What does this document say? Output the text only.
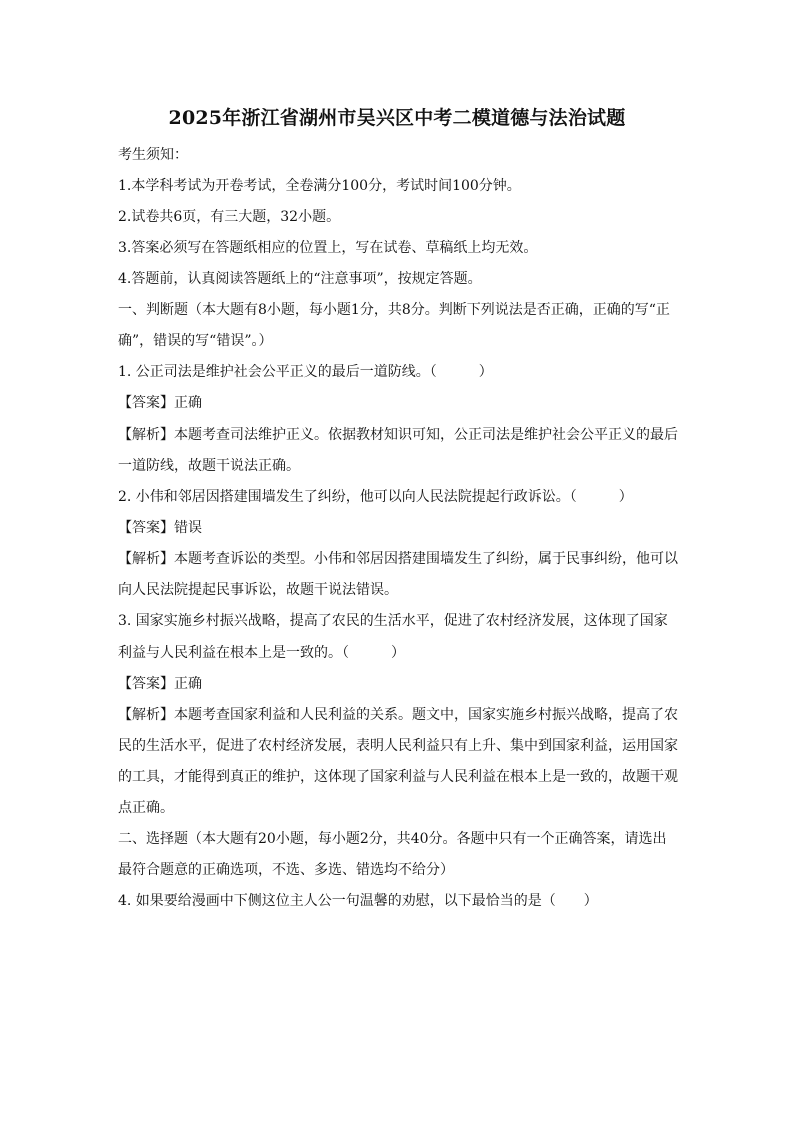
2025年浙江省湖州市吴兴区中考二模道德与法治试题
考生须知：
1.本学科考试为开卷考试，全卷满分100分，考试时间100分钟。
2.试卷共6页，有三大题，32小题。
3.答案必须写在答题纸相应的位置上，写在试卷、草稿纸上均无效。
4.答题前，认真阅读答题纸上的“注意事项”，按规定答题。
一、判断题（本大题有8小题，每小题1分，共8分。判断下列说法是否正确，正确的写“正
确”，错误的写“错误”。）
1. 公正司法是维护社会公平正义的最后一道防线。（　　　）
【答案】正确
【解析】本题考查司法维护正义。依据教材知识可知，公正司法是维护社会公平正义的最后
一道防线，故题干说法正确。
2. 小伟和邻居因搭建围墙发生了纠纷，他可以向人民法院提起行政诉讼。（　　　）
【答案】错误
【解析】本题考查诉讼的类型。小伟和邻居因搭建围墙发生了纠纷，属于民事纠纷，他可以
向人民法院提起民事诉讼，故题干说法错误。
3. 国家实施乡村振兴战略，提高了农民的生活水平，促进了农村经济发展，这体现了国家
利益与人民利益在根本上是一致的。（　　　）
【答案】正确
【解析】本题考查国家利益和人民利益的关系。题文中，国家实施乡村振兴战略，提高了农
民的生活水平，促进了农村经济发展，表明人民利益只有上升、集中到国家利益，运用国家
的工具，才能得到真正的维护，这体现了国家利益与人民利益在根本上是一致的，故题干观
点正确。
二、选择题（本大题有20小题，每小题2分，共40分。各题中只有一个正确答案，请选出
最符合题意的正确选项，不选、多选、错选均不给分）
4. 如果要给漫画中下侧这位主人公一句温馨的劝慰，以下最恰当的是（　　）
